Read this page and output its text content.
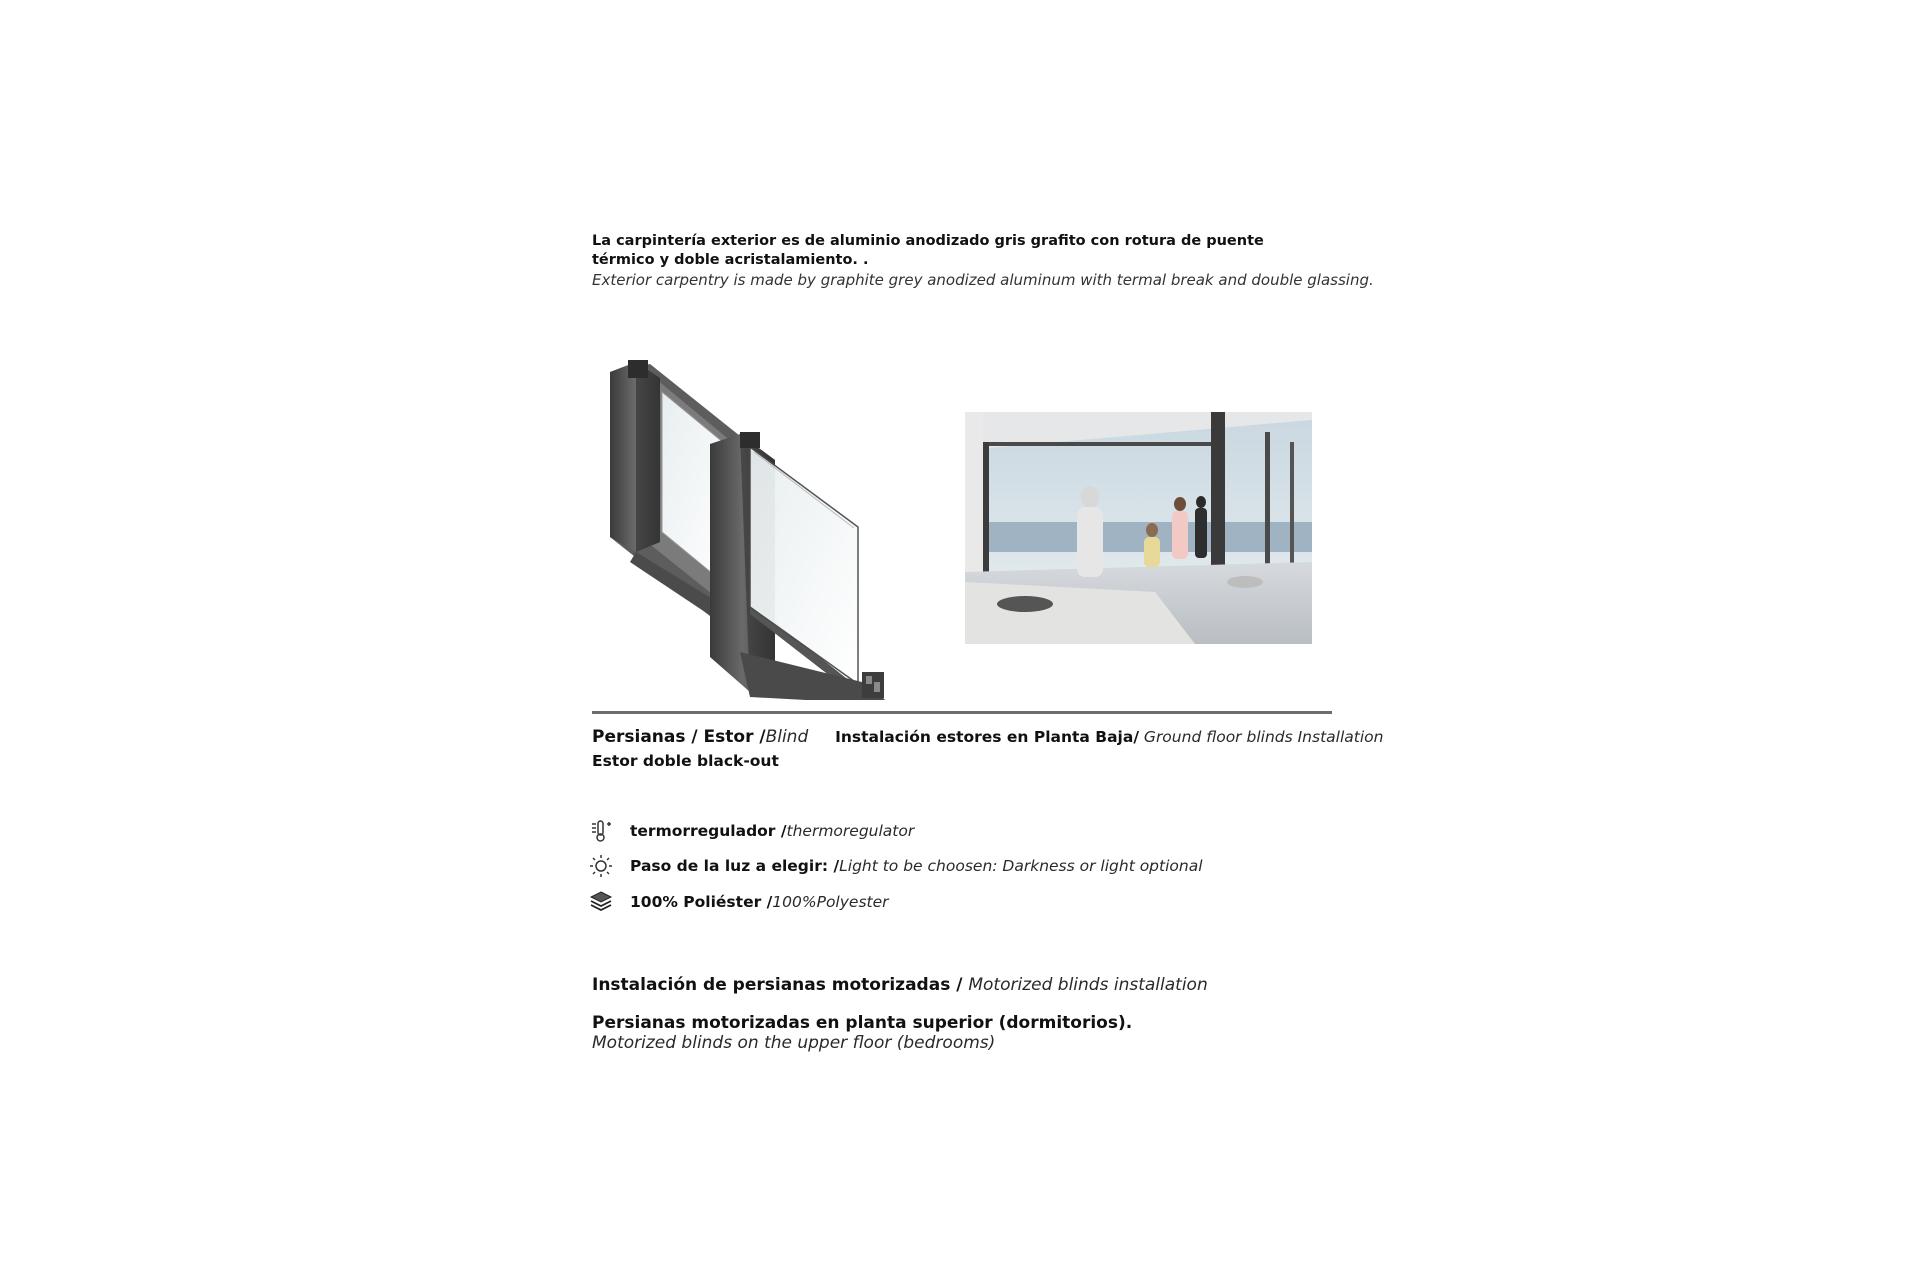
La carpintería exterior es de aluminio anodizado gris grafito con rotura de puente térmico y doble acristalamiento. .
Exterior carpentry is made by graphite grey anodized aluminum with termal break and double glassing.
Persianas / Estor /Blind Instalación estores en Planta Baja/ Ground floor blinds Installation
Estor doble black-out
termorregulador / thermoregulator
Paso de la luz a elegir: / Light to be choosen: Darkness or light optional
100% Poliéster / 100%Polyester
Instalación de persianas motorizadas / Motorized blinds installation
Persianas motorizadas en planta superior (dormitorios).
Motorized blinds on the upper floor (bedrooms)
